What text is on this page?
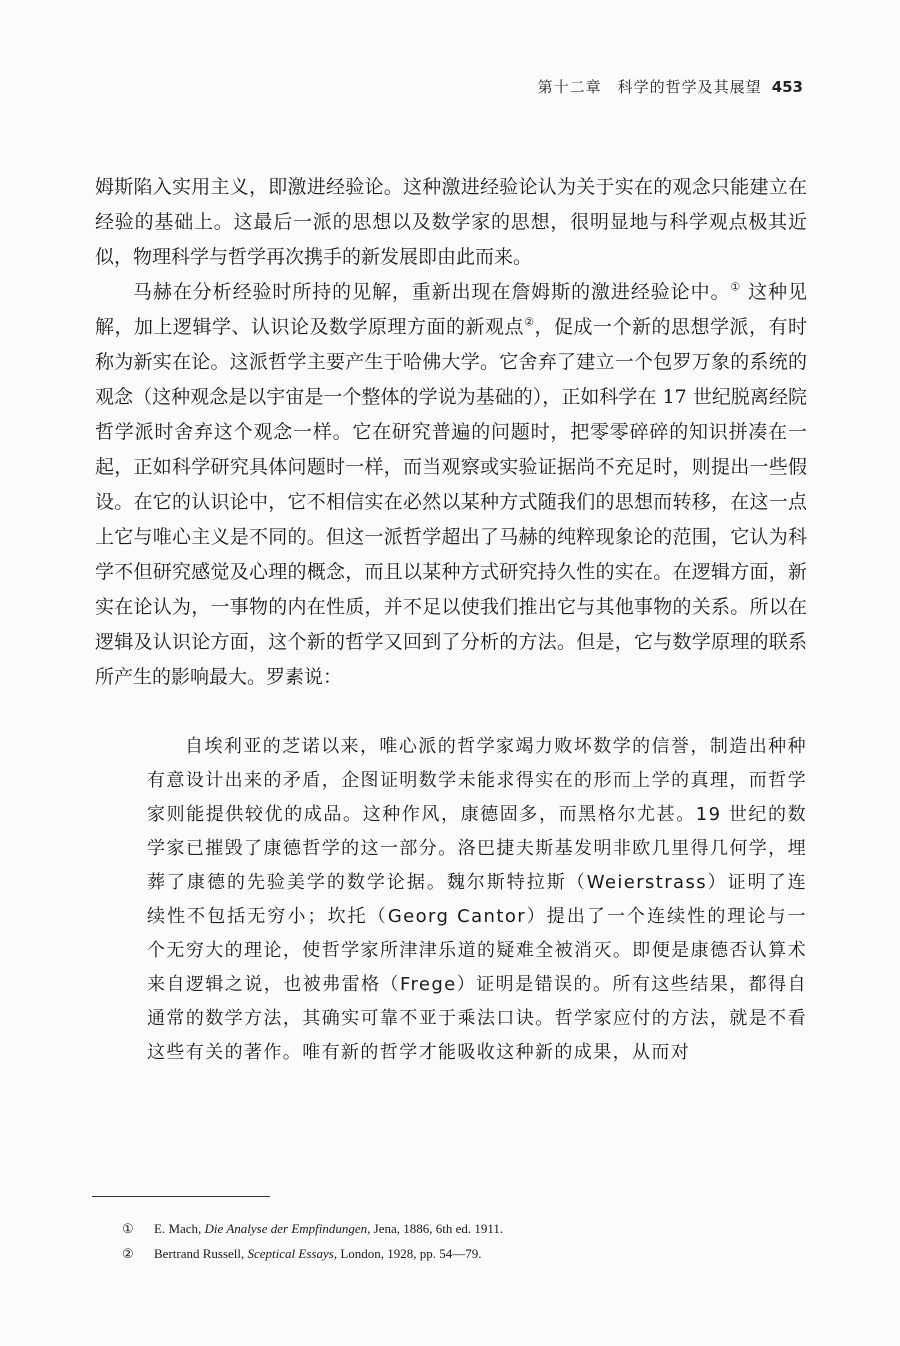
第十二章　科学的哲学及其展望 453

姆斯陷入实用主义，即激进经验论。这种激进经验论认为关于实在的观念只能建立在经验的基础上。这最后一派的思想以及数学家的思想，很明显地与科学观点极其近似，物理科学与哲学再次携手的新发展即由此而来。

马赫在分析经验时所持的见解，重新出现在詹姆斯的激进经验论中。① 这种见解，加上逻辑学、认识论及数学原理方面的新观点②，促成一个新的思想学派，有时称为新实在论。这派哲学主要产生于哈佛大学。它舍弃了建立一个包罗万象的系统的观念（这种观念是以宇宙是一个整体的学说为基础的），正如科学在 17 世纪脱离经院哲学派时舍弃这个观念一样。它在研究普遍的问题时，把零零碎碎的知识拼凑在一起，正如科学研究具体问题时一样，而当观察或实验证据尚不充足时，则提出一些假设。在它的认识论中，它不相信实在必然以某种方式随我们的思想而转移，在这一点上它与唯心主义是不同的。但这一派哲学超出了马赫的纯粹现象论的范围，它认为科学不但研究感觉及心理的概念，而且以某种方式研究持久性的实在。在逻辑方面，新实在论认为，一事物的内在性质，并不足以使我们推出它与其他事物的关系。所以在逻辑及认识论方面，这个新的哲学又回到了分析的方法。但是，它与数学原理的联系所产生的影响最大。罗素说：

自埃利亚的芝诺以来，唯心派的哲学家竭力败坏数学的信誉，制造出种种有意设计出来的矛盾，企图证明数学未能求得实在的形而上学的真理，而哲学家则能提供较优的成品。这种作风，康德固多，而黑格尔尤甚。19 世纪的数学家已摧毁了康德哲学的这一部分。洛巴捷夫斯基发明非欧几里得几何学，埋葬了康德的先验美学的数学论据。魏尔斯特拉斯（Weierstrass）证明了连续性不包括无穷小；坎托（Georg Cantor）提出了一个连续性的理论与一个无穷大的理论，使哲学家所津津乐道的疑难全被消灭。即便是康德否认算术来自逻辑之说，也被弗雷格（Frege）证明是错误的。所有这些结果，都得自通常的数学方法，其确实可靠不亚于乘法口诀。哲学家应付的方法，就是不看这些有关的著作。唯有新的哲学才能吸收这种新的成果，从而对

① E. Mach, Die Analyse der Empfindungen, Jena, 1886, 6th ed. 1911.
② Bertrand Russell, Sceptical Essays, London, 1928, pp. 54—79.
